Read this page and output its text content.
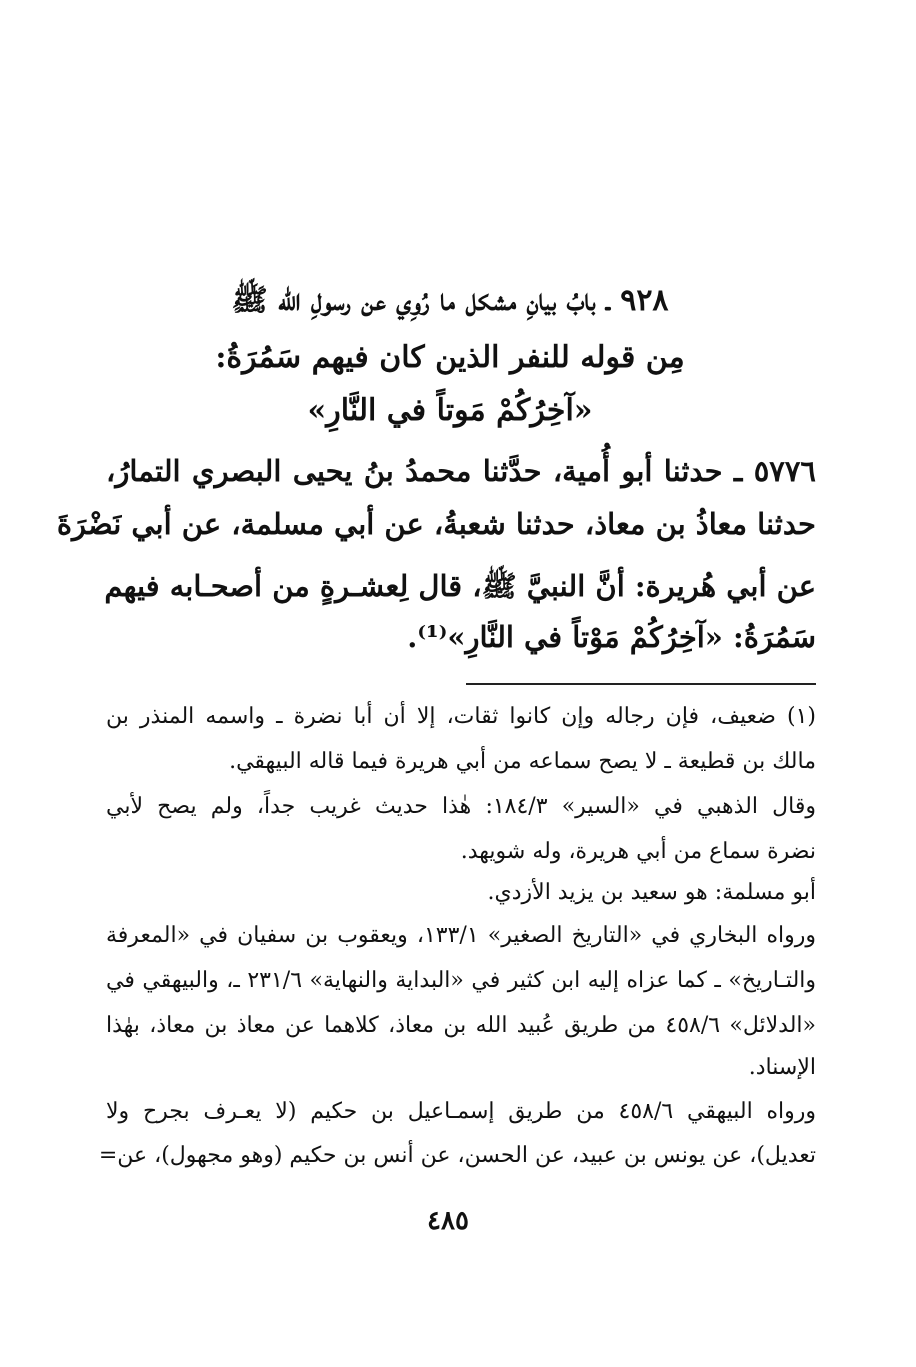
٩٢٨ ـ بابُ بيانِ مشكل ما رُوِي عن رسولِ الله ﷺ
مِن قوله للنفر الذين كان فيهم سَمُرَةُ:
«آخِرُكُمْ مَوتاً في النَّارِ»
٥٧٧٦ ـ حدثنا أبو أُمية، حدَّثنا محمدُ بنُ يحيى البصري التمارُ،
حدثنا معاذُ بن معاذ، حدثنا شعبةُ، عن أبي مسلمة، عن أبي نَضْرَةَ
عن أبي هُريرة: أنَّ النبيَّ ﷺ، قال لِعشـرةٍ من أصحـابه فيهم
سَمُرَةُ: «آخِرُكُمْ مَوْتاً في النَّارِ»⁽¹⁾.
(١) ضعيف، فإن رجاله وإن كانوا ثقات، إلا أن أبا نضرة ـ واسمه المنذر بن
مالك بن قطيعة ـ لا يصح سماعه من أبي هريرة فيما قاله البيهقي.
وقال الذهبي في «السير» ١٨٤/٣: هٰذا حديث غريب جداً، ولم يصح لأبي
نضرة سماع من أبي هريرة، وله شويهد.
أبو مسلمة: هو سعيد بن يزيد الأزدي.
ورواه البخاري في «التاريخ الصغير» ١٣٣/١، ويعقوب بن سفيان في «المعرفة
والتـاريخ» ـ كما عزاه إليه ابن كثير في «البداية والنهاية» ٢٣١/٦ ـ، والبيهقي في
«الدلائل» ٤٥٨/٦ من طريق عُبيد الله بن معاذ، كلاهما عن معاذ بن معاذ، بهٰذا
الإسناد.
ورواه البيهقي ٤٥٨/٦ من طريق إسمـاعيل بن حكيم (لا يعـرف بجرح ولا
تعديل)، عن يونس بن عبيد، عن الحسن، عن أنس بن حكيم (وهو مجهول)، عن=
٤٨٥
